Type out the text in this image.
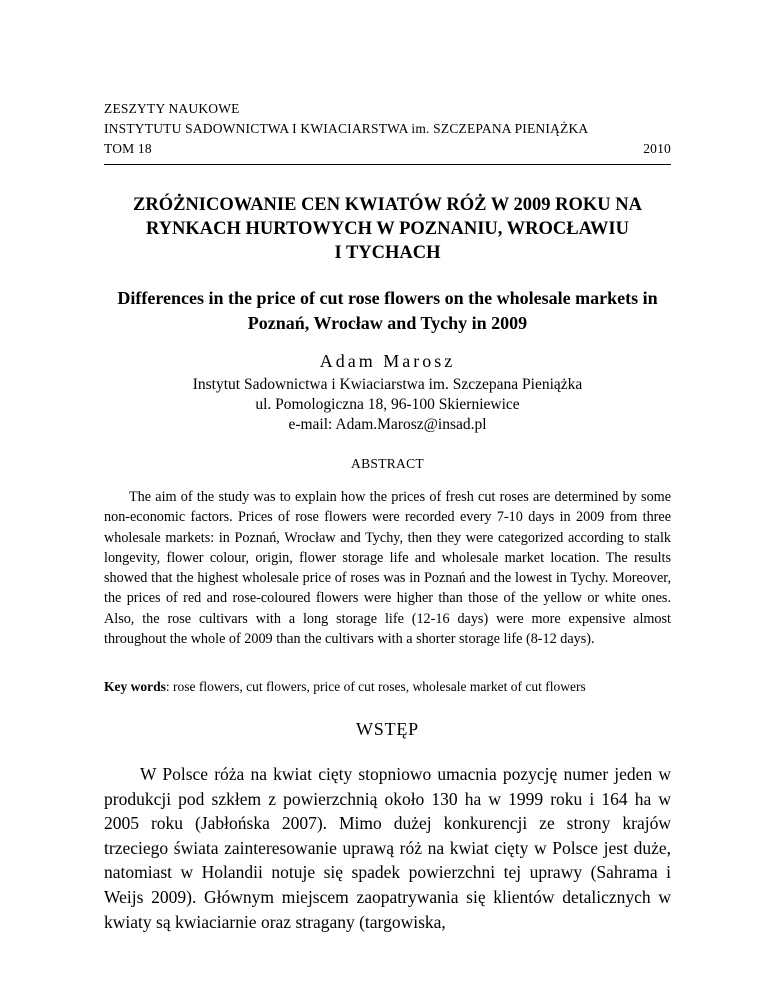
ZESZYTY NAUKOWE
INSTYTUTU SADOWNICTWA I KWIACIARSTWA im. SZCZEPANA PIENIĄŻKA
TOM 18	2010
ZRÓŻNICOWANIE CEN KWIATÓW RÓŻ W 2009 ROKU NA
RYNKACH HURTOWYCH W POZNANIU, WROCŁAWIU
I TYCHACH
Differences in the price of cut rose flowers on the wholesale markets in
Poznań, Wrocław and Tychy in 2009
Adam Marosz
Instytut Sadownictwa i Kwiaciarstwa im. Szczepana Pieniążka
ul. Pomologiczna 18, 96-100 Skierniewice
e-mail: Adam.Marosz@insad.pl
ABSTRACT

The aim of the study was to explain how the prices of fresh cut roses are determined by some non-economic factors. Prices of rose flowers were recorded every 7-10 days in 2009 from three wholesale markets: in Poznań, Wrocław and Tychy, then they were categorized according to stalk longevity, flower colour, origin, flower storage life and wholesale market location. The results showed that the highest wholesale price of roses was in Poznań and the lowest in Tychy. Moreover, the prices of red and rose-coloured flowers were higher than those of the yellow or white ones. Also, the rose cultivars with a long storage life (12-16 days) were more expensive almost throughout the whole of 2009 than the cultivars with a shorter storage life (8-12 days).

Key words: rose flowers, cut flowers, price of cut roses, wholesale market of cut flowers
WSTĘP

W Polsce róża na kwiat cięty stopniowo umacnia pozycję numer jeden w produkcji pod szkłem z powierzchnią około 130 ha w 1999 roku i 164 ha w 2005 roku (Jabłońska 2007). Mimo dużej konkurencji ze strony krajów trzeciego świata zainteresowanie uprawą róż na kwiat cięty w Polsce jest duże, natomiast w Holandii notuje się spadek powierzchni tej uprawy (Sahrama i Weijs 2009). Głównym miejscem zaopatrywania się klientów detalicznych w kwiaty są kwiaciarnie oraz stragany (targowiska,
